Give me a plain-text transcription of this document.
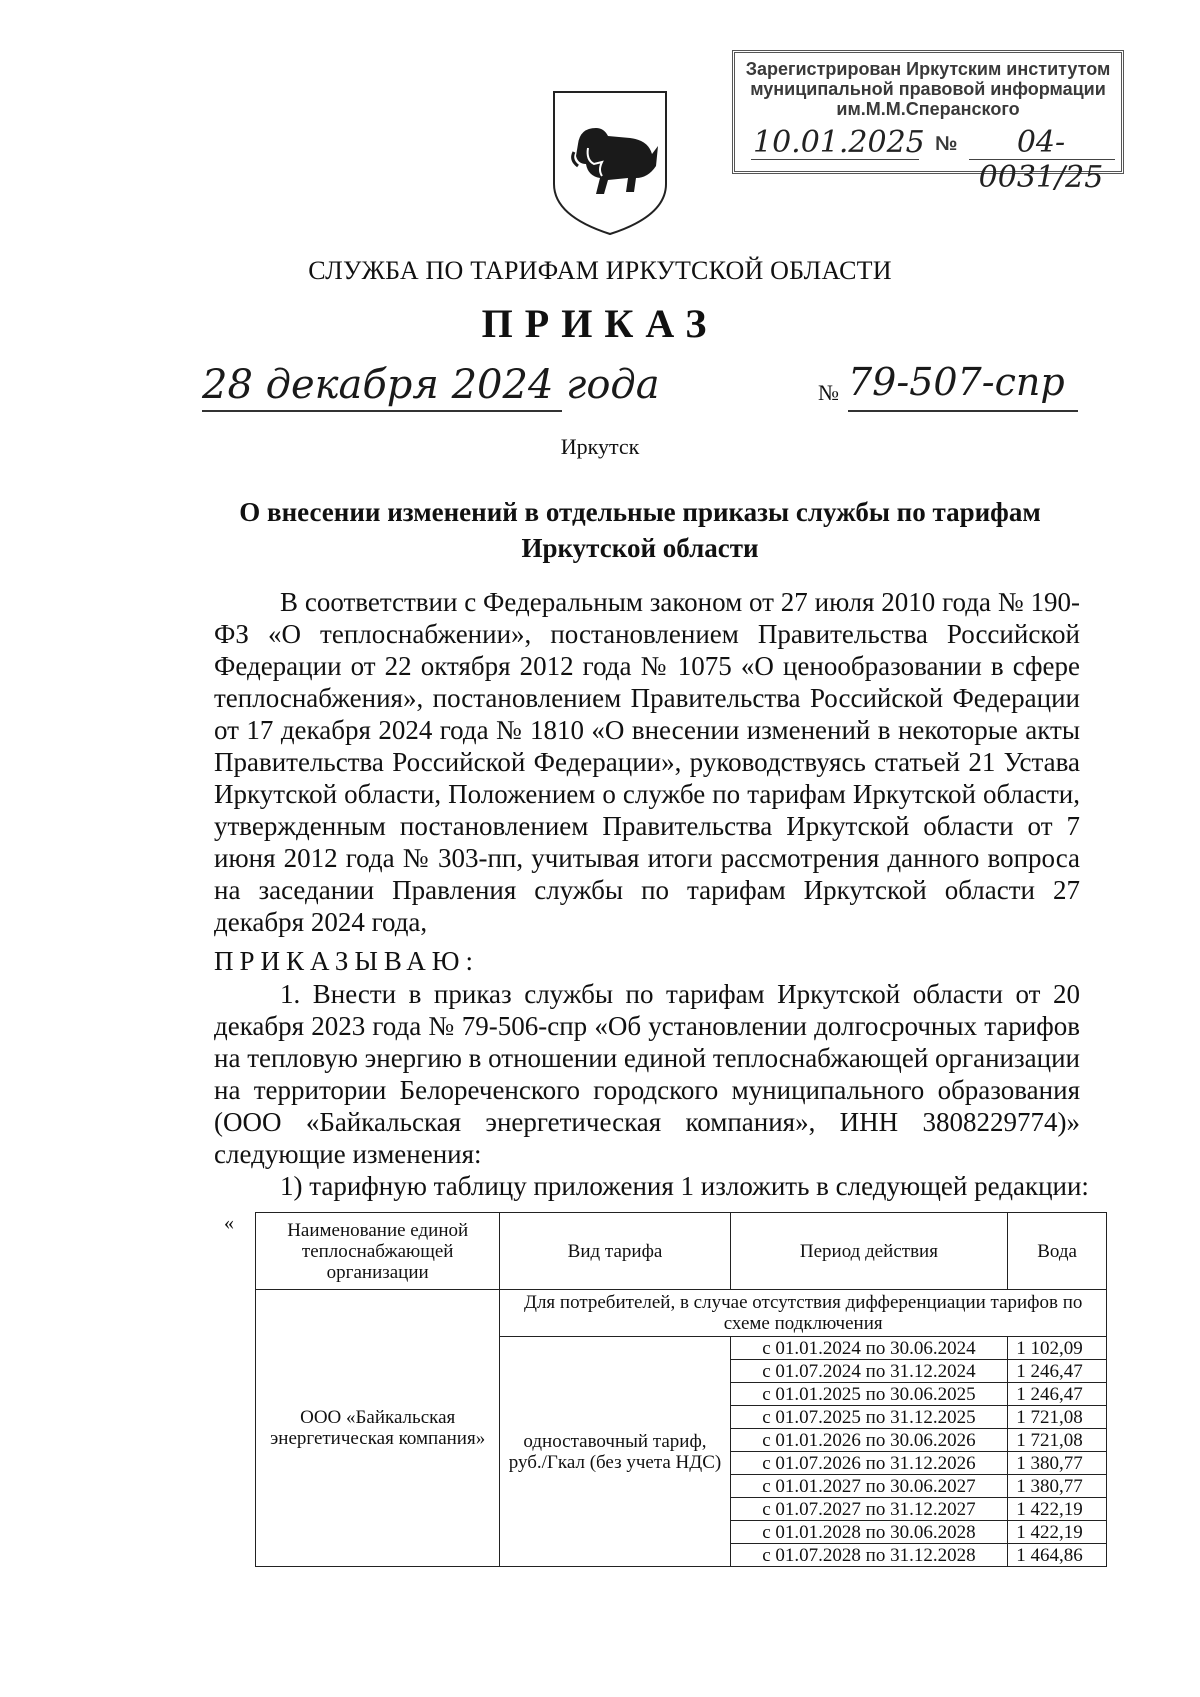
Зарегистрирован Иркутским институтом
муниципальной правовой информации
им.М.М.Сперанского
10.01.2025 №	04-0031/25
СЛУЖБА ПО ТАРИФАМ ИРКУТСКОЙ ОБЛАСТИ
ПРИКАЗ
28 декабря 2024 года	№ 79-507-спр
Иркутск
О внесении изменений в отдельные приказы службы по тарифам Иркутской области
В соответствии с Федеральным законом от 27 июля 2010 года № 190-ФЗ «О теплоснабжении», постановлением Правительства Российской Федерации от 22 октября 2012 года № 1075 «О ценообразовании в сфере теплоснабжения», постановлением Правительства Российской Федерации от 17 декабря 2024 года № 1810 «О внесении изменений в некоторые акты Правительства Российской Федерации», руководствуясь статьей 21 Устава Иркутской области, Положением о службе по тарифам Иркутской области, утвержденным постановлением Правительства Иркутской области от 7 июня 2012 года № 303-пп, учитывая итоги рассмотрения данного вопроса на заседании Правления службы по тарифам Иркутской области 27 декабря 2024 года,
ПРИКАЗЫВАЮ:
1. Внести в приказ службы по тарифам Иркутской области от 20 декабря 2023 года № 79-506-спр «Об установлении долгосрочных тарифов на тепловую энергию в отношении единой теплоснабжающей организации на территории Белореченского городского муниципального образования (ООО «Байкальская энергетическая компания», ИНН 3808229774)» следующие изменения:
1) тарифную таблицу приложения 1 изложить в следующей редакции:
«	Наименование единой теплоснабжающей организации	Вид тарифа	Период действия	Вода
ООО «Байкальская энергетическая компания»	Для потребителей, в случае отсутствия дифференциации тарифов по схеме подключения		
	одноставочный тариф, руб./Гкал (без учета НДС)	с 01.01.2024 по 30.06.2024	1 102,09
		с 01.07.2024 по 31.12.2024	1 246,47
		с 01.01.2025 по 30.06.2025	1 246,47
		с 01.07.2025 по 31.12.2025	1 721,08
		с 01.01.2026 по 30.06.2026	1 721,08
		с 01.07.2026 по 31.12.2026	1 380,77
		с 01.01.2027 по 30.06.2027	1 380,77
		с 01.07.2027 по 31.12.2027	1 422,19
		с 01.01.2028 по 30.06.2028	1 422,19
		с 01.07.2028 по 31.12.2028	1 464,86
